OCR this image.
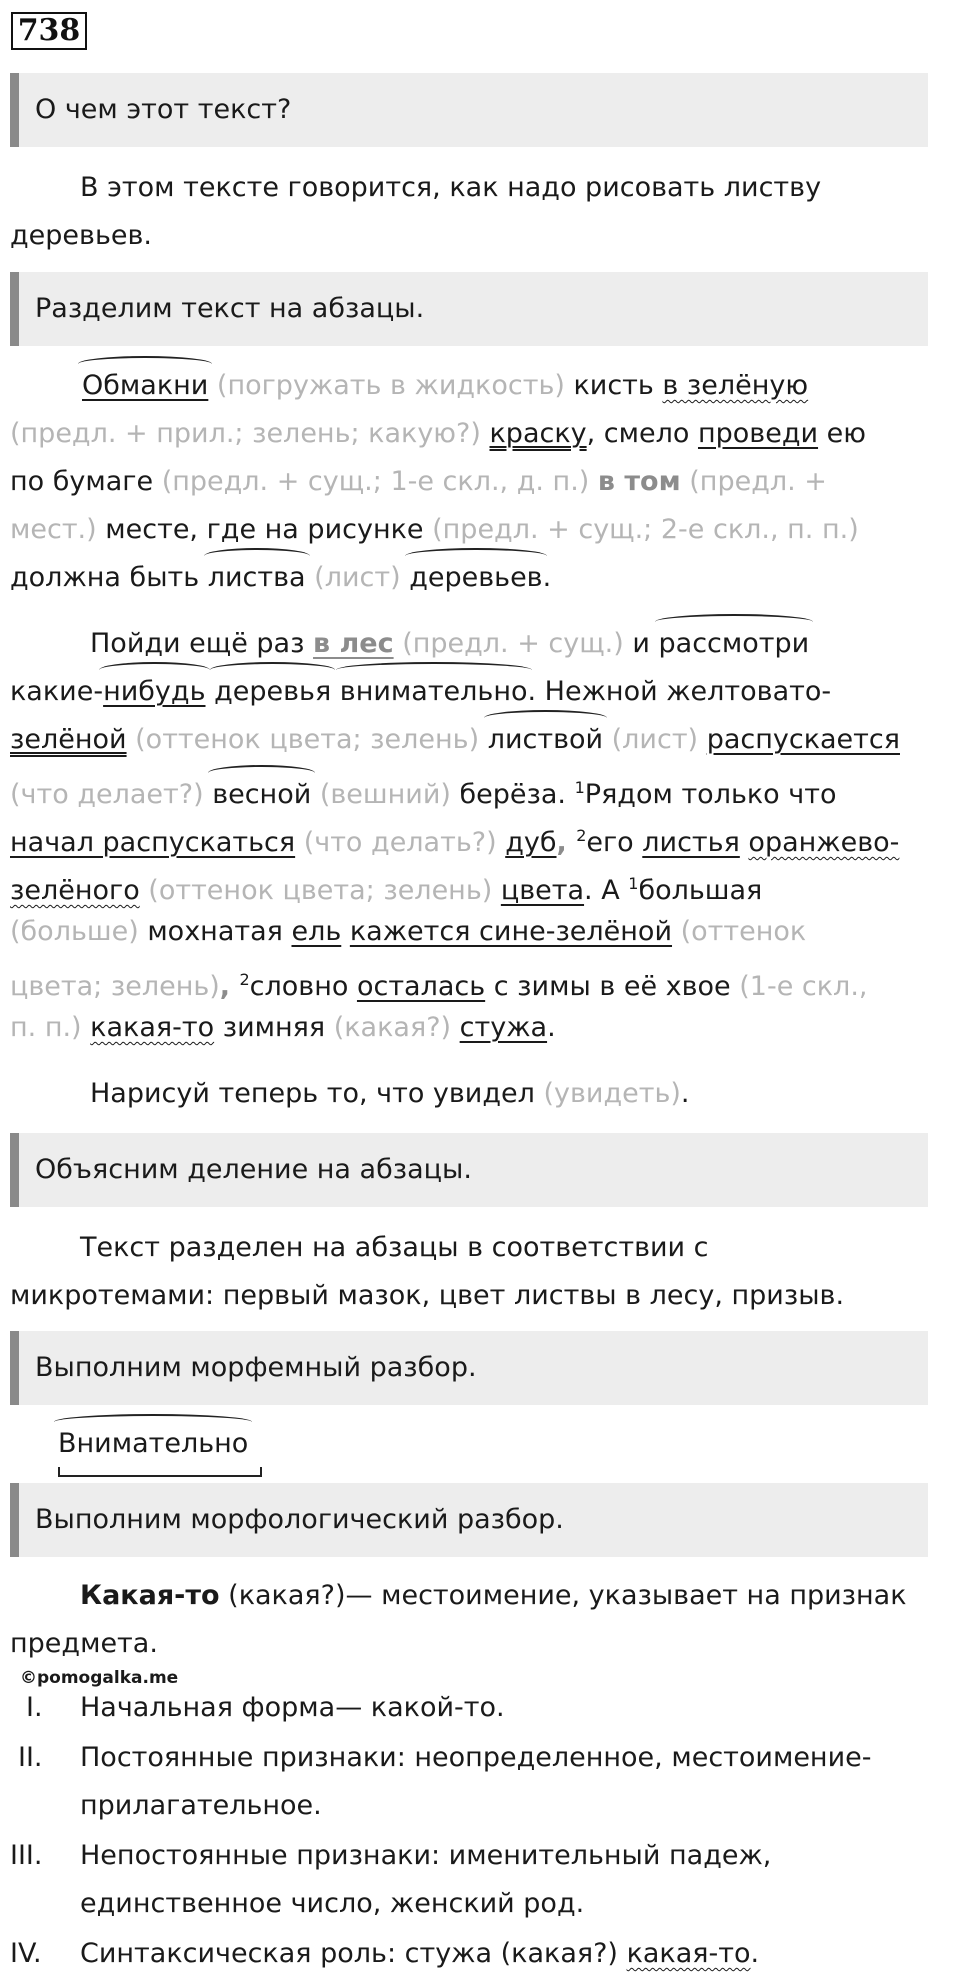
738
О чем этот текст?

В этом тексте говорится, как надо рисовать листву деревьев.

Разделим текст на абзацы.
Обмакни (погружать в жидкость) кисть в зелёную
(предл. + прил.; зелень; какую?) краску, смело проведи ею
по бумаге (предл. + сущ.; 1-е скл., д. п.) в том (предл. +
мест.) месте, где на рисунке (предл. + сущ.; 2-е скл., п. п.)
должна быть листва (лист) деревьев.
Пойди ещё раз в лес (предл. + сущ.) и рассмотри
какие-нибудь деревья внимательно. Нежной желтовато-
зелёной (оттенок цвета; зелень) листвой (лист) распускается
(что делает?) весной (вешний) берёза. $^1$Рядом только что
начал распускаться (что делать?) дуб, $^2$его листья оранжево-
зелёного (оттенок цвета; зелень) цвета. А $^1$большая
(больше) мохнатая ель кажется сине-зелёной (оттенок
цвета; зелень), $^2$словно осталась с зимы в её хвое (1-е скл.,
п. п.) какая-то зимняя (какая?) стужа.
Нарисуй теперь то, что увидел (увидеть).
Объясним деление на абзацы.

Текст разделен на абзацы в соответствии с микротемами: первый мазок, цвет листвы в лесу, призыв.

Выполним морфемный разбор.
Внимательно
Выполним морфологический разбор.

Какая-то (какая?)— местоимение, указывает на признак предмета.

©pomogalka.me
I.	Начальная форма— какой-то.
II.	Постоянные признаки: неопределенное, местоимение-
прилагательное.
III.	Непостоянные признаки: именительный падеж,
единственное число, женский род.
IV.	Синтаксическая роль: стужа (какая?) какая-то.
